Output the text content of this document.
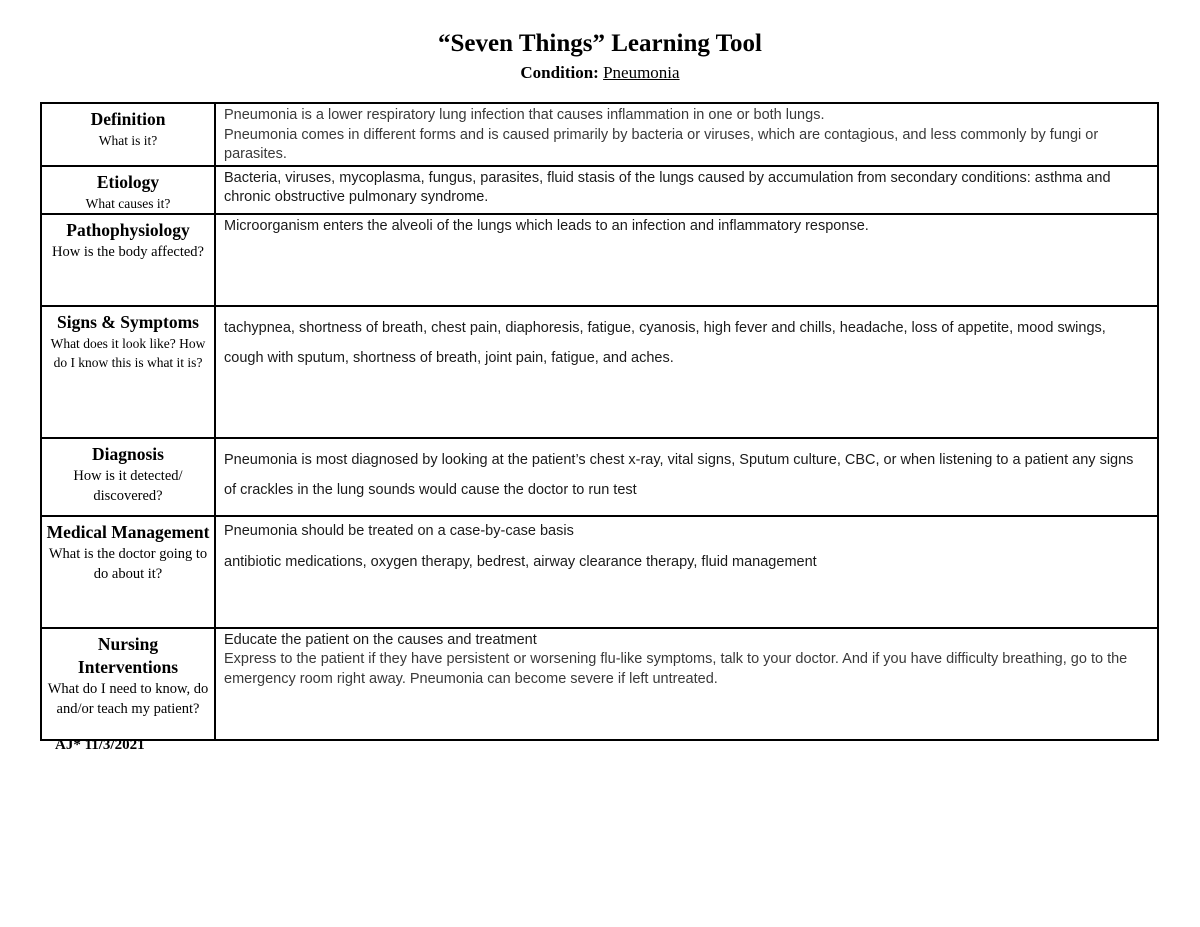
“Seven Things” Learning Tool
Condition: Pneumonia
Definition
What is it?	Pneumonia is a lower respiratory lung infection that causes inflammation in one or both lungs.
Pneumonia comes in different forms and is caused primarily by bacteria or viruses, which are contagious, and less commonly by fungi or parasites.

Etiology
What causes it?	Bacteria, viruses, mycoplasma, fungus, parasites, fluid stasis of the lungs caused by accumulation from secondary conditions: asthma and chronic obstructive pulmonary syndrome.

Pathophysiology
How is the body affected?	Microorganism enters the alveoli of the lungs which leads to an infection and inflammatory response.

Signs & Symptoms
What does it look like? How do I know this is what it is?	tachypnea, shortness of breath, chest pain, diaphoresis, fatigue, cyanosis, high fever and chills, headache, loss of appetite, mood swings, cough with sputum, shortness of breath, joint pain, fatigue, and aches.

Diagnosis
How is it detected/ discovered?	Pneumonia is most diagnosed by looking at the patient’s chest x-ray, vital signs, Sputum culture, CBC, or when listening to a patient any signs of crackles in the lung sounds would cause the doctor to run test

Medical Management
What is the doctor going to do about it?	Pneumonia should be treated on a case-by-case basis
antibiotic medications, oxygen therapy, bedrest, airway clearance therapy, fluid management

Nursing Interventions
What do I need to know, do and/or teach my patient?	Educate the patient on the causes and treatment
Express to the patient if they have persistent or worsening flu-like symptoms, talk to your doctor. And if you have difficulty breathing, go to the emergency room right away. Pneumonia can become severe if left untreated.
AJ* 11/3/2021
